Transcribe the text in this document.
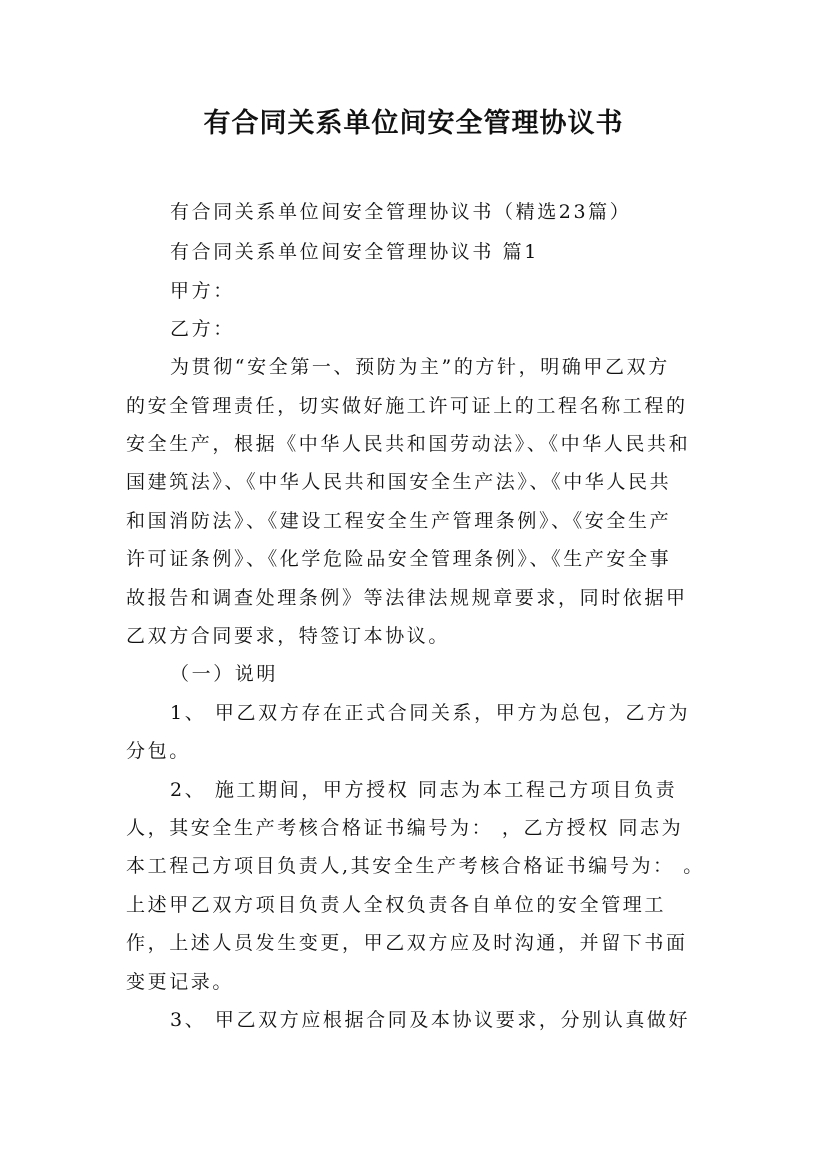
有合同关系单位间安全管理协议书
有合同关系单位间安全管理协议书（精选23篇）
有合同关系单位间安全管理协议书 篇1
甲方：
乙方：
为贯彻“安全第一、预防为主”的方针，明确甲乙双方
的安全管理责任，切实做好施工许可证上的工程名称工程的
安全生产，根据《中华人民共和国劳动法》、《中华人民共和
国建筑法》、《中华人民共和国安全生产法》、《中华人民共
和国消防法》、《建设工程安全生产管理条例》、《安全生产
许可证条例》、《化学危险品安全管理条例》、《生产安全事
故报告和调查处理条例》等法律法规规章要求，同时依据甲
乙双方合同要求，特签订本协议。
（一）说明
1、 甲乙双方存在正式合同关系，甲方为总包，乙方为
分包。
2、 施工期间，甲方授权 同志为本工程己方项目负责
人，其安全生产考核合格证书编号为： ，乙方授权 同志为
本工程己方项目负责人,其安全生产考核合格证书编号为： 。
上述甲乙双方项目负责人全权负责各自单位的安全管理工
作，上述人员发生变更，甲乙双方应及时沟通，并留下书面
变更记录。
3、 甲乙双方应根据合同及本协议要求，分别认真做好
